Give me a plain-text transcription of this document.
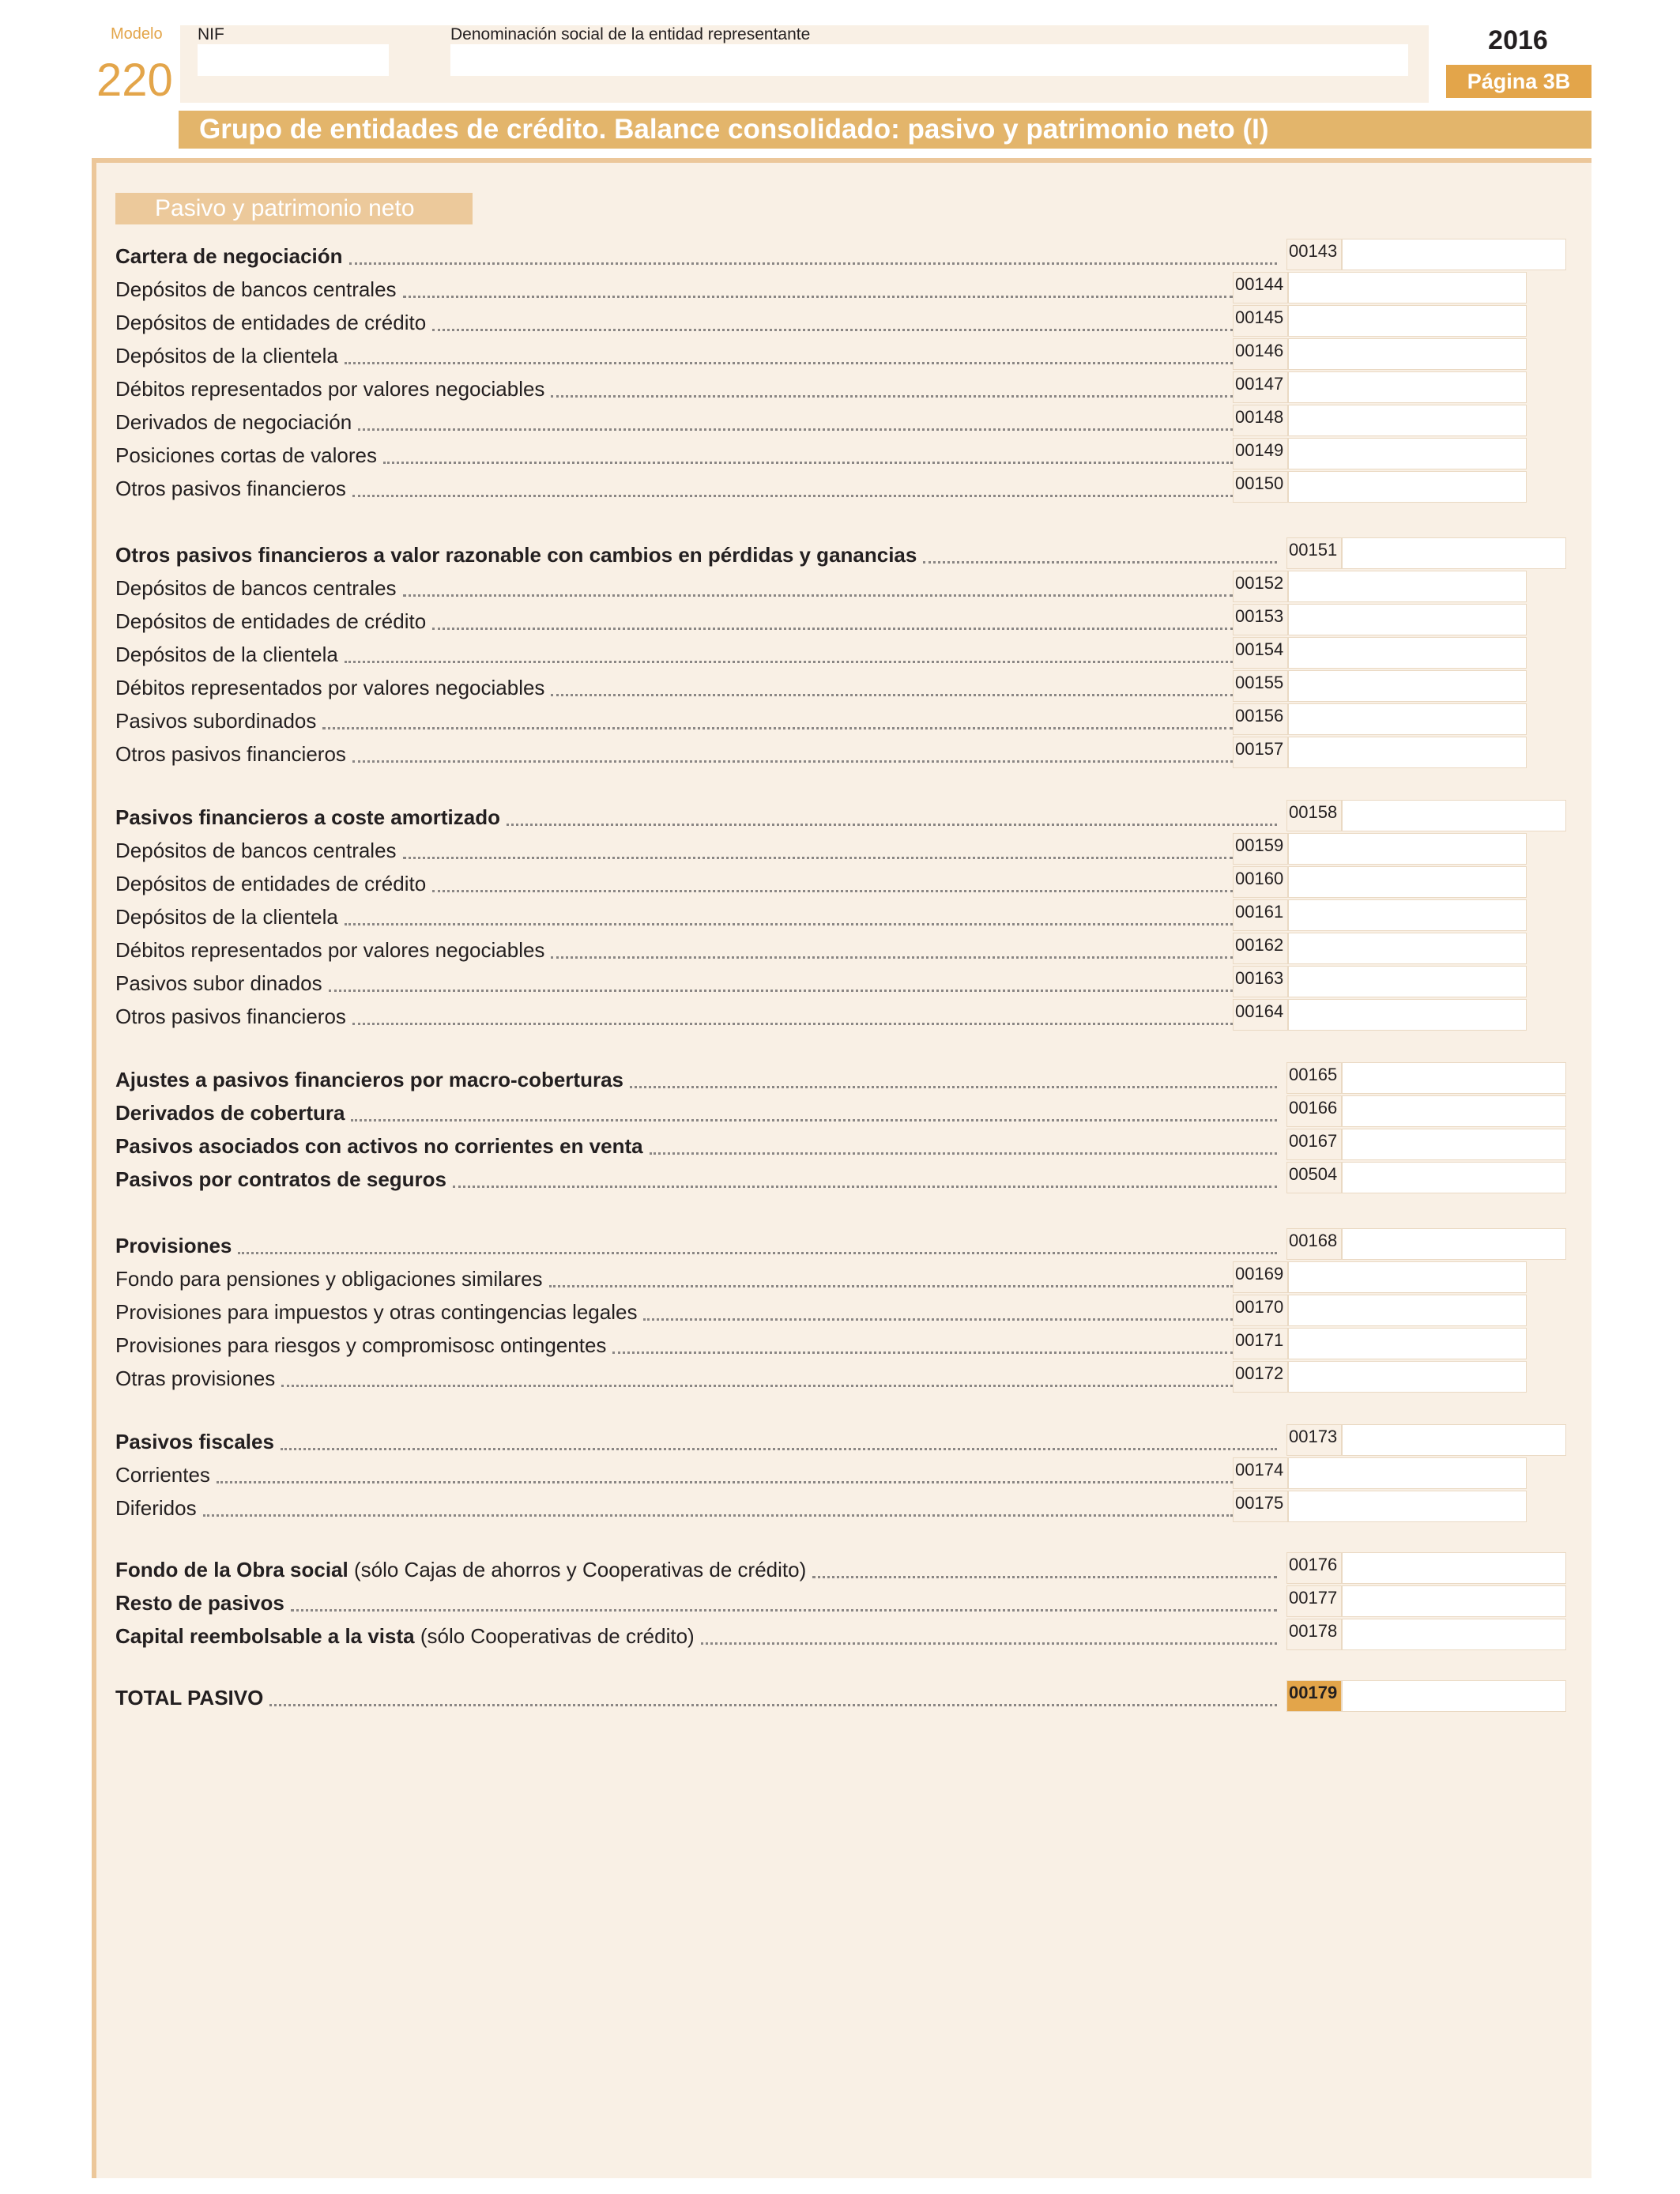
Modelo
220
NIF	Denominación social de la entidad representante	2016
Página 3B
Grupo de entidades de crédito. Balance consolidado: pasivo y patrimonio neto (I)
Pasivo y patrimonio neto
Cartera de negociación	00143
Depósitos de bancos centrales	00144
Depósitos de entidades de crédito	00145
Depósitos de la clientela	00146
Débitos representados por valores negociables	00147
Derivados de negociación	00148
Posiciones cortas de valores	00149
Otros pasivos financieros	00150
Otros pasivos financieros a valor razonable con cambios en pérdidas y ganancias	00151
Depósitos de bancos centrales	00152
Depósitos de entidades de crédito	00153
Depósitos de la clientela	00154
Débitos representados por valores negociables	00155
Pasivos subordinados	00156
Otros pasivos financieros	00157
Pasivos financieros a coste amortizado	00158
Depósitos de bancos centrales	00159
Depósitos de entidades de crédito	00160
Depósitos de la clientela	00161
Débitos representados por valores negociables	00162
Pasivos subor dinados	00163
Otros pasivos financieros	00164
Ajustes a pasivos financieros por macro-coberturas	00165
Derivados de cobertura	00166
Pasivos asociados con activos no corrientes en venta	00167
Pasivos por contratos de seguros	00504
Provisiones	00168
Fondo para pensiones y obligaciones similares	00169
Provisiones para impuestos y otras contingencias legales	00170
Provisiones para riesgos y compromisosc ontingentes	00171
Otras provisiones	00172
Pasivos fiscales	00173
Corrientes	00174
Diferidos	00175
Fondo de la Obra social (sólo Cajas de ahorros y Cooperativas de crédito)	00176
Resto de pasivos	00177
Capital reembolsable a la vista (sólo Cooperativas de crédito)	00178
TOTAL PASIVO	00179
